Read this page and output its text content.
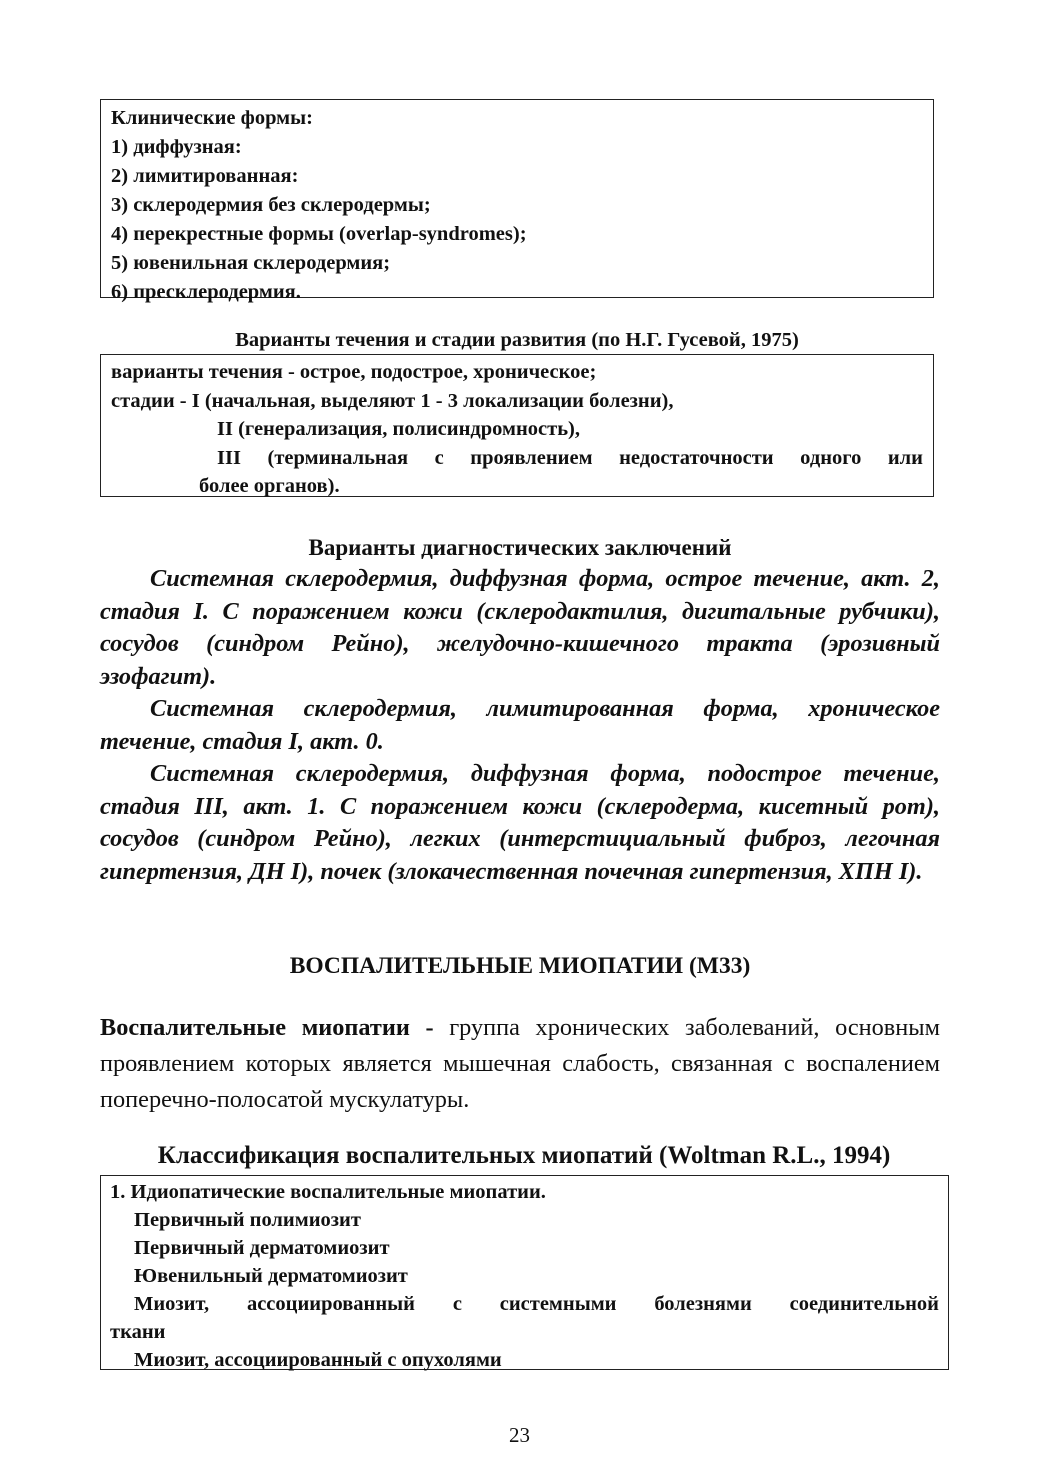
Клинические формы:
1) диффузная:
2) лимитированная:
3) склеродермия без склеродермы;
4) перекрестные формы (overlap-syndromes);
5) ювенильная склеродермия;
6) пресклеродермия.
Варианты течения и стадии развития (по Н.Г. Гусевой, 1975)
варианты течения - острое, подострое, хроническое;
стадии - I (начальная, выделяют 1 - 3 локализации болезни),
II (генерализация, полисиндромность),
III (терминальная с проявлением недостаточности одного или
более органов).
Варианты диагностических заключений

Системная склеродермия, диффузная форма, острое течение, акт. 2, стадия I. С поражением кожи (склеродактилия, дигитальные рубчики), сосудов (синдром Рейно), желудочно-кишечного тракта (эрозивный эзофагит).

Системная склеродермия, лимитированная форма, хроническое течение, стадия I, акт. 0.

Системная склеродермия, диффузная форма, подострое течение, стадия III, акт. 1. С поражением кожи (склеродерма, кисетный рот), сосудов (синдром Рейно), легких (интерстициальный фиброз, легочная гипертензия, ДН I), почек (злокачественная почечная гипертензия, ХПН I).

ВОСПАЛИТЕЛЬНЫЕ МИОПАТИИ (М33)

Воспалительные миопатии - группа хронических заболеваний, основным проявлением которых является мышечная слабость, связанная с воспалением поперечно-полосатой мускулатуры.

Классификация воспалительных миопатий (Woltman R.L., 1994)
1. Идиопатические воспалительные миопатии.
Первичный полимиозит
Первичный дерматомиозит
Ювенильный дерматомиозит
Миозит, ассоциированный с системными болезнями соединительной
ткани
Миозит, ассоциированный с опухолями
23
